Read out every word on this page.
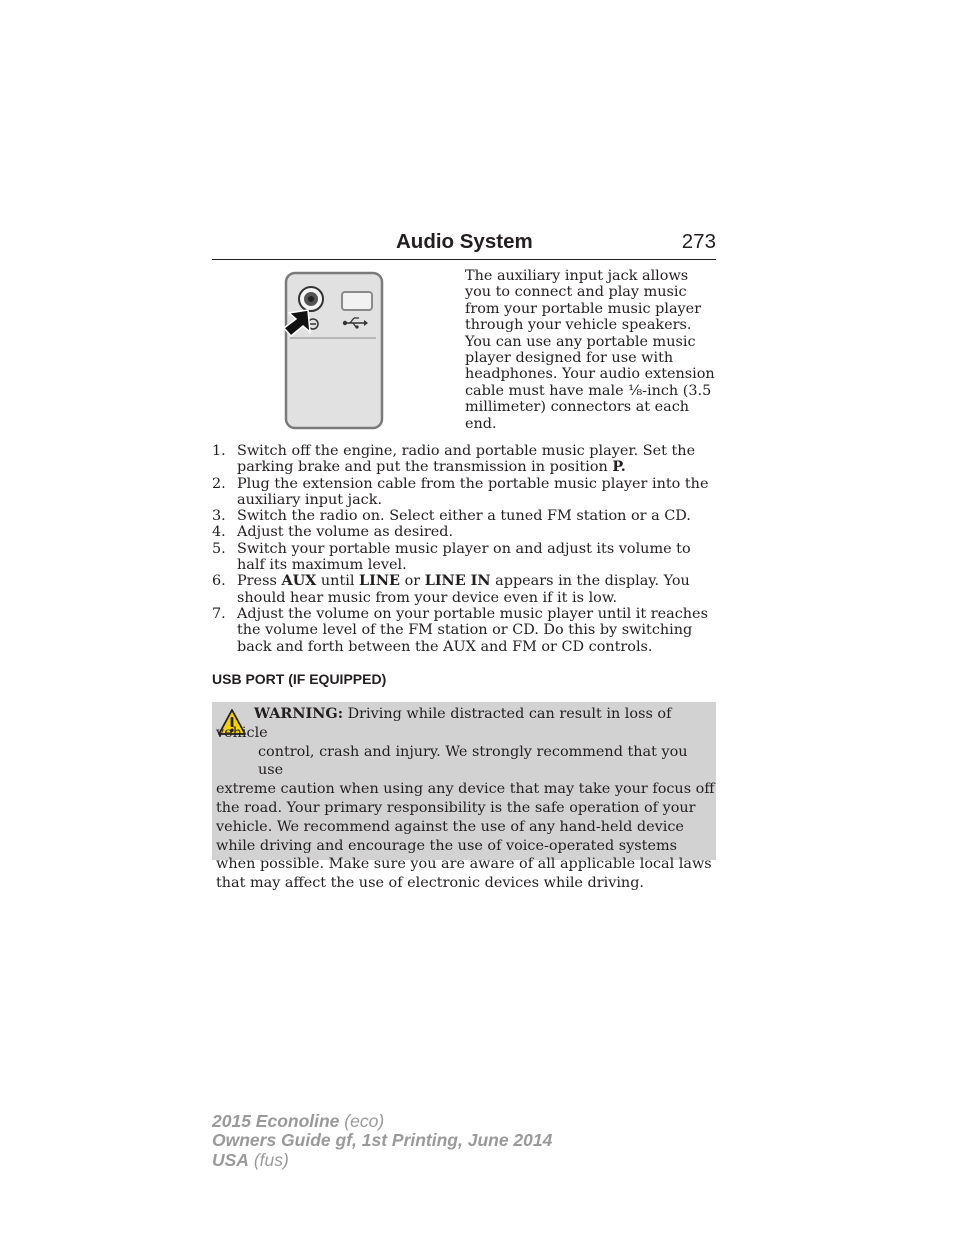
Audio System	273

The auxiliary input jack allows you to connect and play music from your portable music player through your vehicle speakers. You can use any portable music player designed for use with headphones. Your audio extension cable must have male ⅛-inch (3.5 millimeter) connectors at each end.

1. Switch off the engine, radio and portable music player. Set the parking brake and put the transmission in position P.
2. Plug the extension cable from the portable music player into the auxiliary input jack.
3. Switch the radio on. Select either a tuned FM station or a CD.
4. Adjust the volume as desired.
5. Switch your portable music player on and adjust its volume to half its maximum level.
6. Press AUX until LINE or LINE IN appears in the display. You should hear music from your device even if it is low.
7. Adjust the volume on your portable music player until it reaches the volume level of the FM station or CD. Do this by switching back and forth between the AUX and FM or CD controls.
USB PORT (IF EQUIPPED)

WARNING: Driving while distracted can result in loss of vehicle
control, crash and injury. We strongly recommend that you use
extreme caution when using any device that may take your focus off the road. Your primary responsibility is the safe operation of your vehicle. We recommend against the use of any hand-held device while driving and encourage the use of voice-operated systems when possible. Make sure you are aware of all applicable local laws that may affect the use of electronic devices while driving.

2015 Econoline (eco)
Owners Guide gf, 1st Printing, June 2014
USA (fus)
